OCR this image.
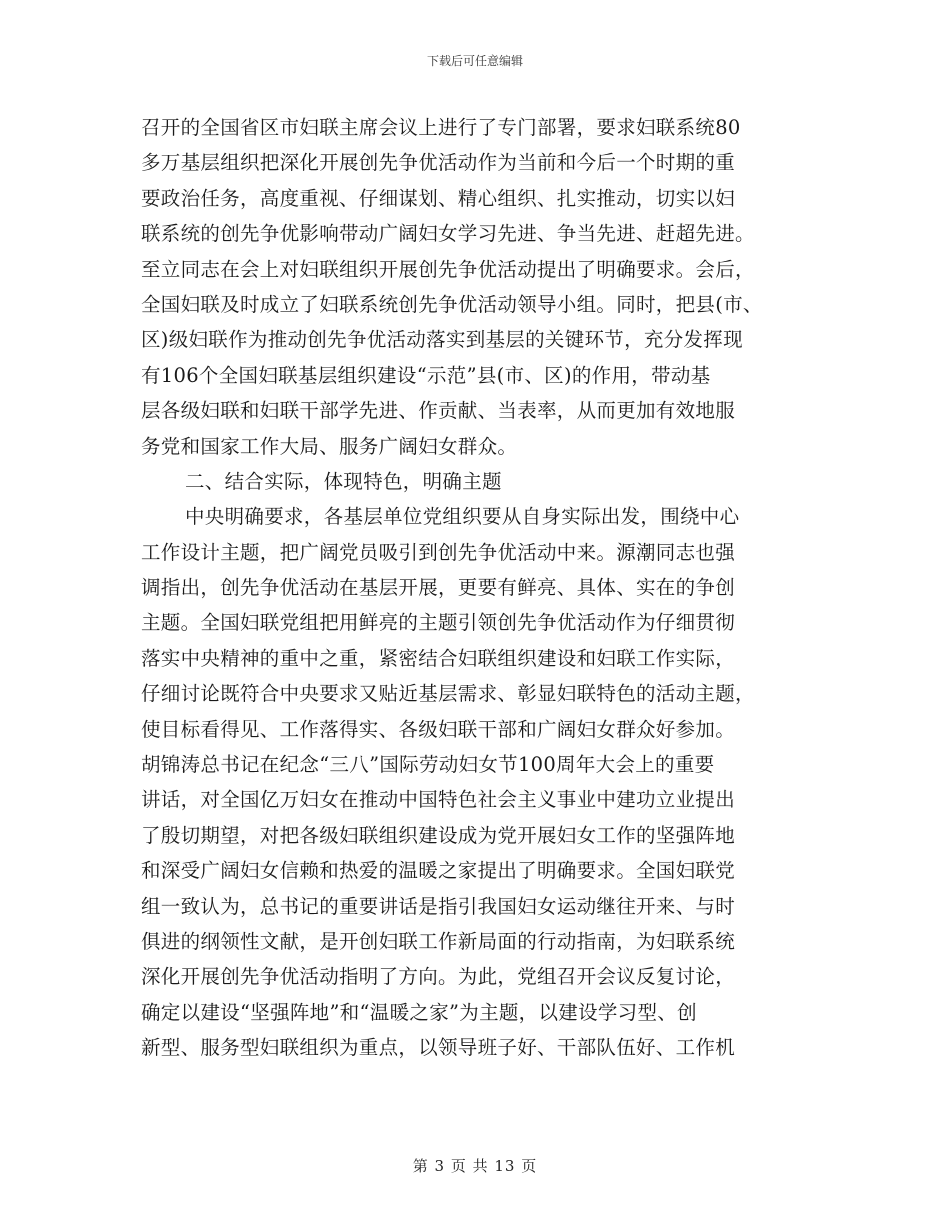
下载后可任意编辑
召开的全国省区市妇联主席会议上进行了专门部署，要求妇联系统80
多万基层组织把深化开展创先争优活动作为当前和今后一个时期的重
要政治任务，高度重视、仔细谋划、精心组织、扎实推动，切实以妇
联系统的创先争优影响带动广阔妇女学习先进、争当先进、赶超先进。
至立同志在会上对妇联组织开展创先争优活动提出了明确要求。会后，
全国妇联及时成立了妇联系统创先争优活动领导小组。同时，把县(市、
区)级妇联作为推动创先争优活动落实到基层的关键环节，充分发挥现
有106个全国妇联基层组织建设“示范”县(市、区)的作用，带动基
层各级妇联和妇联干部学先进、作贡献、当表率，从而更加有效地服
务党和国家工作大局、服务广阔妇女群众。
二、结合实际，体现特色，明确主题
中央明确要求，各基层单位党组织要从自身实际出发，围绕中心
工作设计主题，把广阔党员吸引到创先争优活动中来。源潮同志也强
调指出，创先争优活动在基层开展，更要有鲜亮、具体、实在的争创
主题。全国妇联党组把用鲜亮的主题引领创先争优活动作为仔细贯彻
落实中央精神的重中之重，紧密结合妇联组织建设和妇联工作实际，
仔细讨论既符合中央要求又贴近基层需求、彰显妇联特色的活动主题，
使目标看得见、工作落得实、各级妇联干部和广阔妇女群众好参加。
胡锦涛总书记在纪念“三八”国际劳动妇女节100周年大会上的重要
讲话，对全国亿万妇女在推动中国特色社会主义事业中建功立业提出
了殷切期望，对把各级妇联组织建设成为党开展妇女工作的坚强阵地
和深受广阔妇女信赖和热爱的温暖之家提出了明确要求。全国妇联党
组一致认为，总书记的重要讲话是指引我国妇女运动继往开来、与时
俱进的纲领性文献，是开创妇联工作新局面的行动指南，为妇联系统
深化开展创先争优活动指明了方向。为此，党组召开会议反复讨论，
确定以建设“坚强阵地”和“温暖之家”为主题，以建设学习型、创
新型、服务型妇联组织为重点，以领导班子好、干部队伍好、工作机
第 3 页 共 13 页
